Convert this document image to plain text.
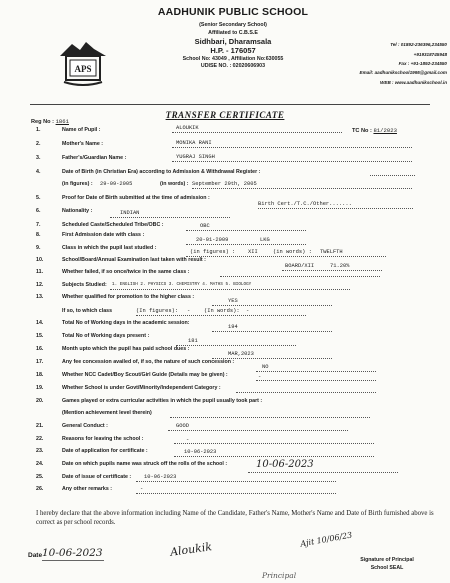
APS
AADHUNIK PUBLIC SCHOOL
(Senior Secondary School)
Affiliated to C.B.S.E
Sidhbari, Dharamsala
H.P. - 176057
School No: 43049 , Affiliation No:630055
UDISE NO. : 02020606903
Tel : 01892-236396,234550
+919318745948
Fax : +91-1892-234550
Email: aadhunikschool1995@gmail.com
WEB : www.aadhunikschool.in
TRANSFER CERTIFICATE
Reg No : 1861
TC No : 81/2023
1.	Name of Pupil :	ALOUKIK
2.	Mother's Name :	MONIKA RANI
3.	Father's/Guardian Name :	YUGRAJ SINGH
4.	Date of Birth (in Christian Era) according to Admission & Withdrawal Register :
(in figures) : 29-09-2005	(in words) : September 29th, 2005
5.	Proof for Date of Birth submitted at the time of admission :
Birth Cert./T.C./Other.......
6.	Nationality :	INDIAN
7.	Scheduled Caste/Scheduled Tribe/OBC :	OBC
8.	First Admission date with class :
20-01-2009	LKG
9.	Class in which the pupil last studied :
(in figures) : XII	(in words) : TWELFTH
10.	School/Board/Annual Examination last taken with result :
BOARD/XII	71.20%
11.	Whether failed, if so once/twice in the same class :
12.	Subjects Studied: 1. ENGLISH 2. PHYSICS 3. CHEMISTRY 4. MATHS 5. BIOLOGY
13.	Whether qualified for promotion to the higher class :
YES
If so, to which class	(In figures): -	(In words): -
14.	Total No of Working days in the academic session:
194
15.	Total No of Working days present :
181
16.	Month upto which the pupil has paid school dues :
MAR,2023
17.	Any fee concession availed of, if so, the nature of such concession :
NO
18.	Whether NCC Cadet/Boy Scout/Girl Guide (Details may be given) :	-
19.	Whether School is under Govt/Minority/Independent Category :
20.	Games played or extra curricular activities in which the pupil usually took part :
(Mention achievement level therein)
21.	General Conduct :	GOOD
22.	Reasons for leaving the school :	-
23.	Date of application for certificate :	10-06-2023
24.	Date on which pupils name was struck off the rolls of the school :	10-06-2023
25.	Date of issue of certificate : 10-06-2023
26.	Any other remarks :	-
I hereby declare that the above information including Name of the Candidate, Father's Name, Mother's Name and Date of Birth furnished above is correct as per school records.
Date 10-06-2023	Aloukik
Ajit 10/06/23
Signature of Principal
School SEAL
Principal
